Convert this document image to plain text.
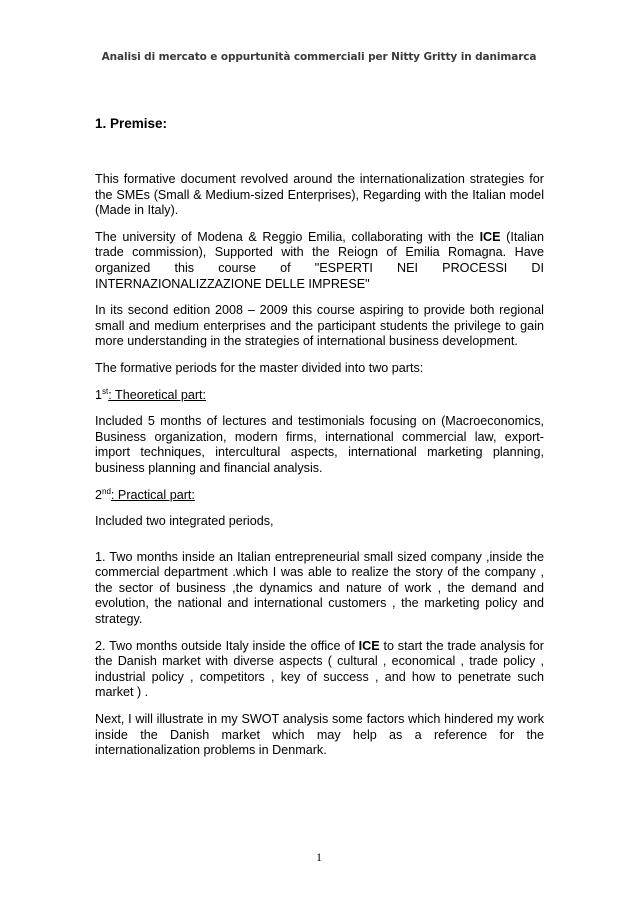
Analisi di mercato e oppurtunità commerciali per Nitty Gritty in danimarca
1. Premise:

This formative document revolved around the internationalization strategies for the SMEs (Small & Medium-sized Enterprises), Regarding with the Italian model (Made in Italy).

The university of Modena & Reggio Emilia, collaborating with the ICE (Italian trade commission), Supported with the Reiogn of Emilia Romagna. Have organized this course of "ESPERTI NEI PROCESSI DI INTERNAZIONALIZZAZIONE DELLE IMPRESE"

In its second edition 2008 – 2009 this course aspiring to provide both regional small and medium enterprises and the participant students the privilege to gain more understanding in the strategies of international business development.

The formative periods for the master divided into two parts:

1st: Theoretical part:

Included 5 months of lectures and testimonials focusing on (Macroeconomics, Business organization, modern firms, international commercial law, export-import techniques, intercultural aspects, international marketing planning, business planning and financial analysis.

2nd: Practical part:

Included two integrated periods,

1. Two months inside an Italian entrepreneurial small sized company ,inside the commercial department .which I was able to realize the story of the company , the sector of business ,the dynamics and nature of work , the demand and evolution, the national and international customers , the marketing policy and strategy.

2. Two months outside Italy inside the office of ICE to start the trade analysis for the Danish market with diverse aspects ( cultural , economical , trade policy , industrial policy , competitors , key of success , and how to penetrate such market ) .

Next, I will illustrate in my SWOT analysis some factors which hindered my work inside the Danish market which may help as a reference for the internationalization problems in Denmark.

1
